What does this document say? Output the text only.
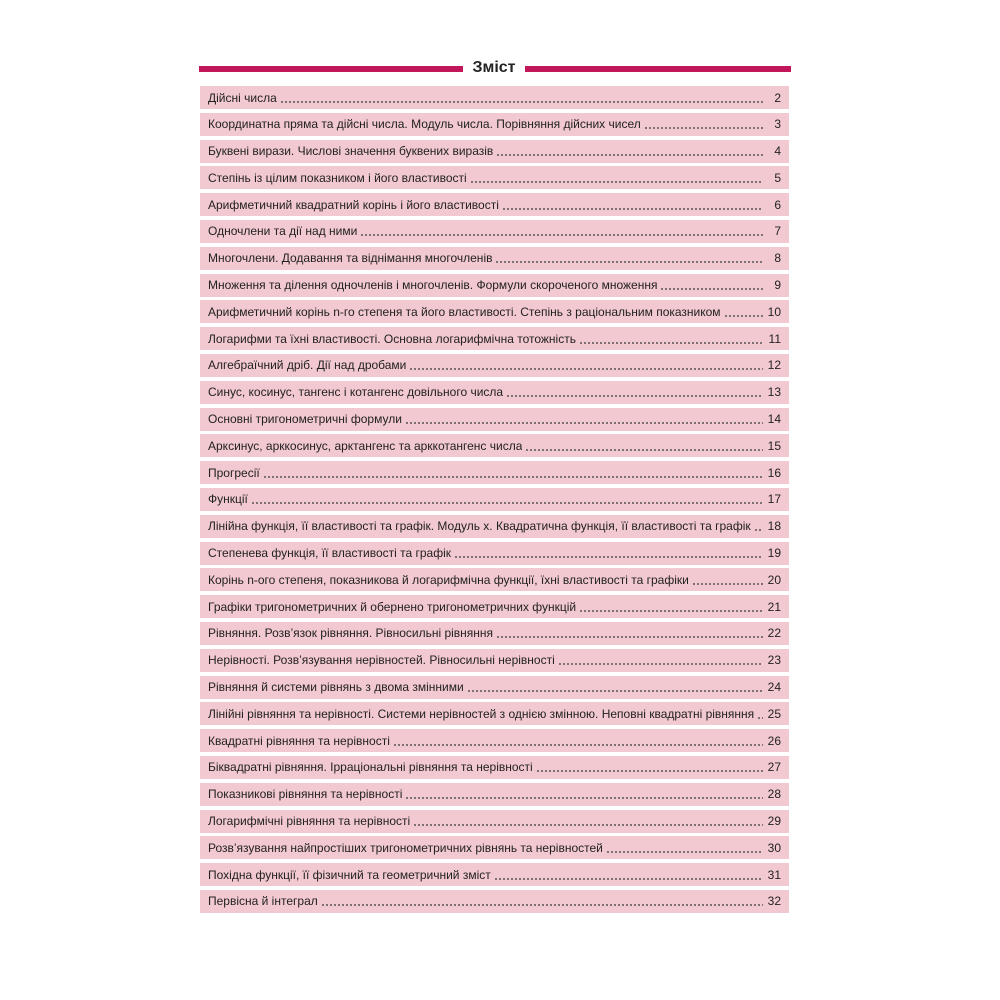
Зміст
Дійсні числа	2
Координатна пряма та дійсні числа. Модуль числа. Порівняння дійсних чисел	3
Буквені вирази. Числові значення буквених виразів	4
Степінь із цілим показником і його властивості	5
Арифметичний квадратний корінь і його властивості	6
Одночлени та дії над ними	7
Многочлени. Додавання та віднімання многочленів	8
Множення та ділення одночленів і многочленів. Формули скороченого множення	9
Арифметичний корінь n-го степеня та його властивості. Степінь з раціональним показником	10
Логарифми та їхні властивості. Основна логарифмічна тотожність	11
Алгебраїчний дріб. Дії над дробами	12
Синус, косинус, тангенс і котангенс довільного числа	13
Основні тригонометричні формули	14
Арксинус, арккосинус, арктангенс та арккотангенс числа	15
Прогресії	16
Функції	17
Лінійна функція, її властивості та графік. Модуль x. Квадратична функція, її властивості та графік 18
Степенева функція, її властивості та графік	19
Корінь n-ого степеня, показникова й логарифмічна функції, їхні властивості та графіки	20
Графіки тригонометричних й обернено тригонометричних функцій	21
Рівняння. Розв’язок рівняння. Рівносильні рівняння	22
Нерівності. Розв’язування нерівностей. Рівносильні нерівності	23
Рівняння й системи рівнянь з двома змінними	24
Лінійні рівняння та нерівності. Системи нерівностей з однією змінною. Неповні квадратні рівняння 25
Квадратні рівняння та нерівності	26
Біквадратні рівняння. Ірраціональні рівняння та нерівності	27
Показникові рівняння та нерівності	28
Логарифмічні рівняння та нерівності	29
Розв’язування найпростіших тригонометричних рівнянь та нерівностей	30
Похідна функції, її фізичний та геометричний зміст	31
Первісна й інтеграл	32
